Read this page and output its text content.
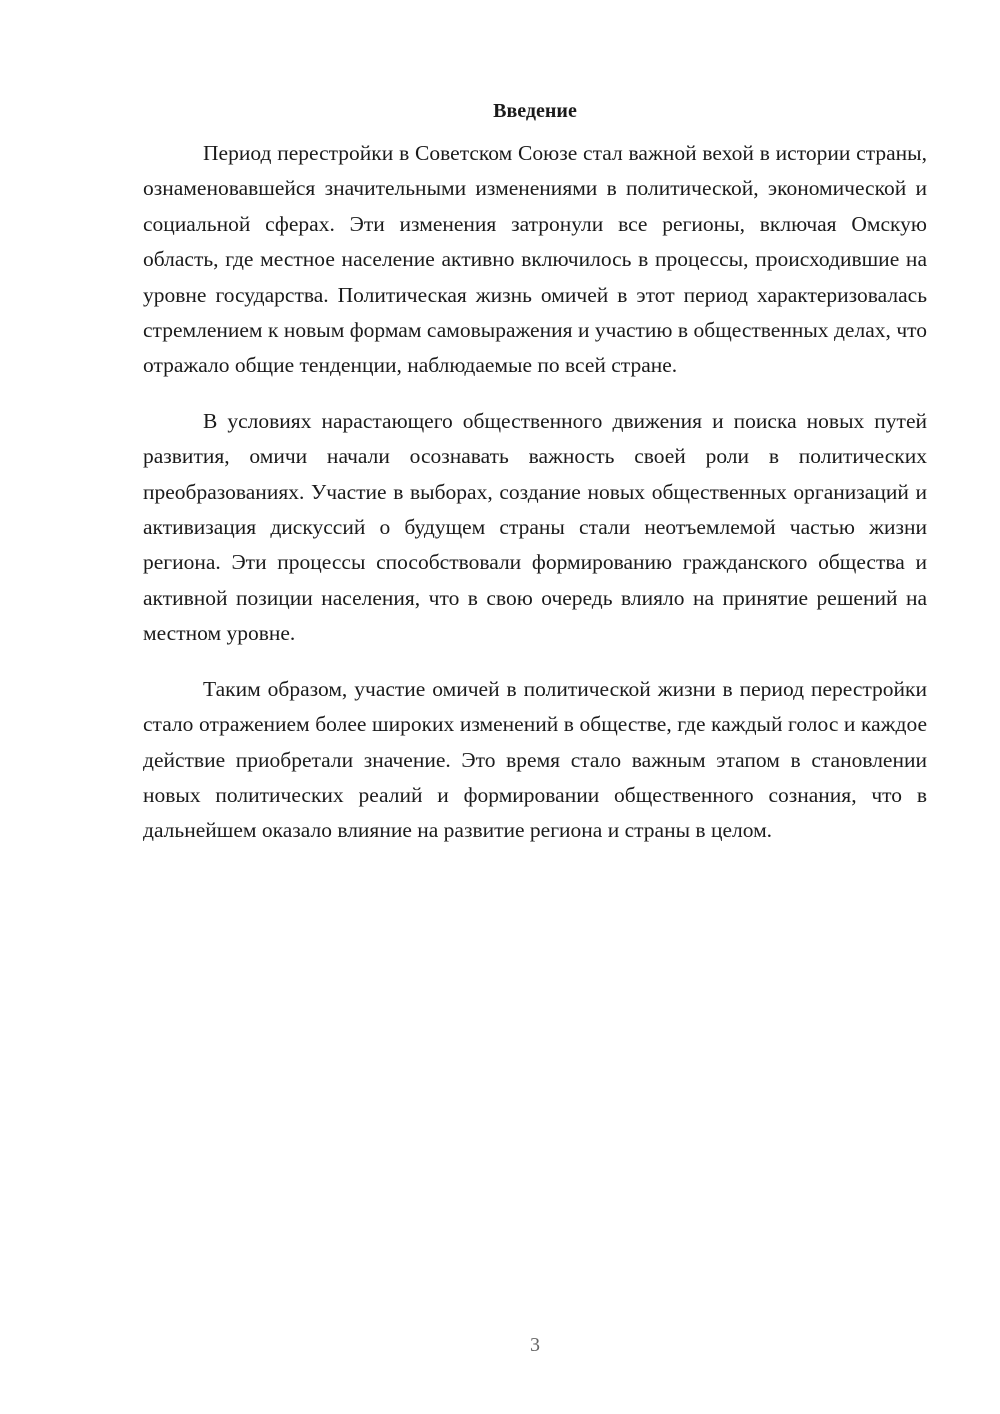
Введение

Период перестройки в Советском Союзе стал важной вехой в истории страны, ознаменовавшейся значительными изменениями в политической, экономической и социальной сферах. Эти изменения затронули все регионы, включая Омскую область, где местное население активно включилось в процессы, происходившие на уровне государства. Политическая жизнь омичей в этот период характеризовалась стремлением к новым формам самовыражения и участию в общественных делах, что отражало общие тенденции, наблюдаемые по всей стране.

В условиях нарастающего общественного движения и поиска новых путей развития, омичи начали осознавать важность своей роли в политических преобразованиях. Участие в выборах, создание новых общественных организаций и активизация дискуссий о будущем страны стали неотъемлемой частью жизни региона. Эти процессы способствовали формированию гражданского общества и активной позиции населения, что в свою очередь влияло на принятие решений на местном уровне.

Таким образом, участие омичей в политической жизни в период перестройки стало отражением более широких изменений в обществе, где каждый голос и каждое действие приобретали значение. Это время стало важным этапом в становлении новых политических реалий и формировании общественного сознания, что в дальнейшем оказало влияние на развитие региона и страны в целом.

3
